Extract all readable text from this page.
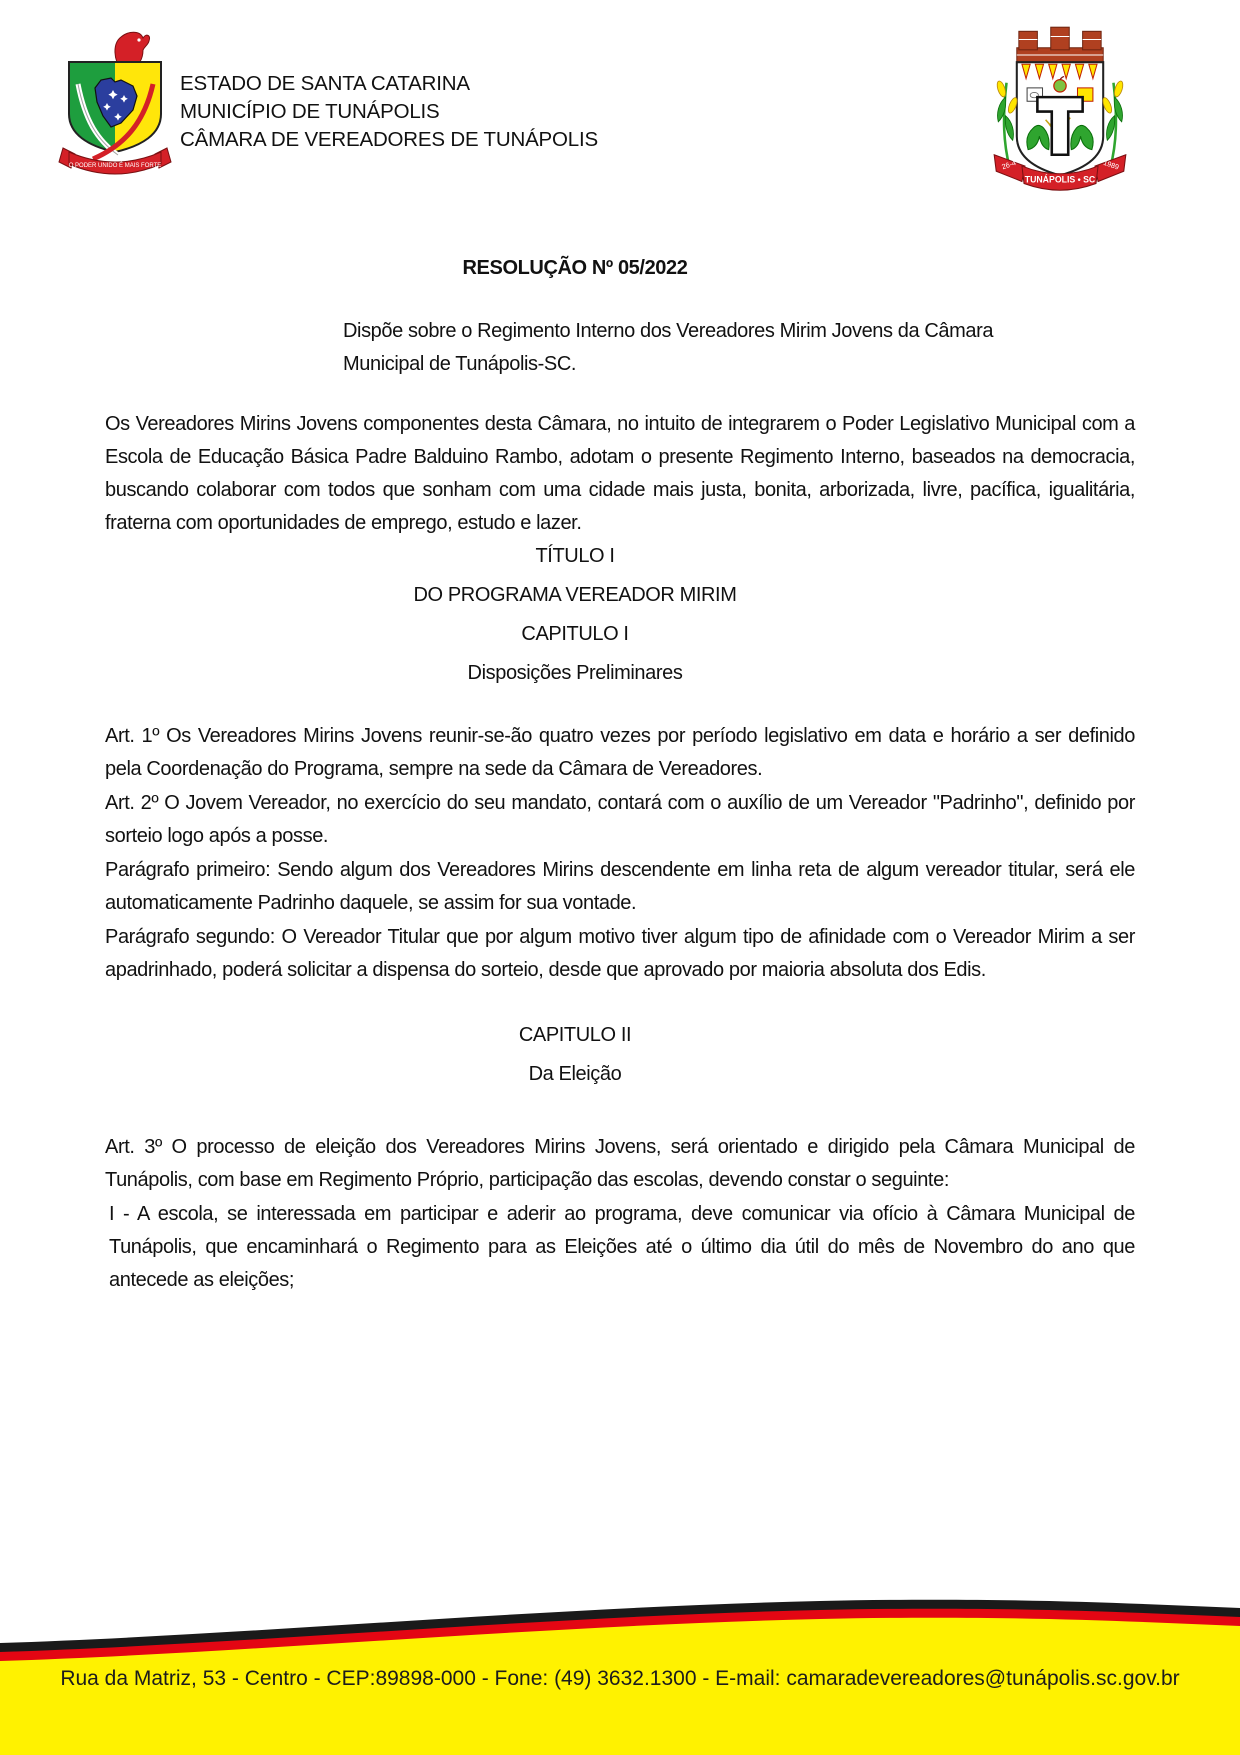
O PODER UNIDO É MAIS FORTE
ESTADO DE SANTA CATARINA
MUNICÍPIO DE TUNÁPOLIS
CÂMARA DE VEREADORES DE TUNÁPOLIS
26-4	1989
TUNÁPOLIS • SC
RESOLUÇÃO Nº 05/2022
Dispõe sobre o Regimento Interno dos Vereadores Mirim Jovens da Câmara Municipal de Tunápolis-SC.

Os Vereadores Mirins Jovens componentes desta Câmara, no intuito de integrarem o Poder Legislativo Municipal com a Escola de Educação Básica Padre Balduino Rambo, adotam o presente Regimento Interno, baseados na democracia, buscando colaborar com todos que sonham com uma cidade mais justa, bonita, arborizada, livre, pacífica, igualitária, fraterna com oportunidades de emprego, estudo e lazer.

TÍTULO I
DO PROGRAMA VEREADOR MIRIM
CAPITULO I
Disposições Preliminares

Art. 1º Os Vereadores Mirins Jovens reunir-se-ão quatro vezes por período legislativo em data e horário a ser definido pela Coordenação do Programa, sempre na sede da Câmara de Vereadores.

Art. 2º O Jovem Vereador, no exercício do seu mandato, contará com o auxílio de um Vereador "Padrinho", definido por sorteio logo após a posse.

Parágrafo primeiro: Sendo algum dos Vereadores Mirins descendente em linha reta de algum vereador titular, será ele automaticamente Padrinho daquele, se assim for sua vontade.

Parágrafo segundo: O Vereador Titular que por algum motivo tiver algum tipo de afinidade com o Vereador Mirim a ser apadrinhado, poderá solicitar a dispensa do sorteio, desde que aprovado por maioria absoluta dos Edis.

CAPITULO II
Da Eleição

Art. 3º O processo de eleição dos Vereadores Mirins Jovens, será orientado e dirigido pela Câmara Municipal de Tunápolis, com base em Regimento Próprio, participação das escolas, devendo constar o seguinte:

I - A escola, se interessada em participar e aderir ao programa, deve comunicar via ofício à Câmara Municipal de Tunápolis, que encaminhará o Regimento para as Eleições até o último dia útil do mês de Novembro do ano que antecede as eleições;

Rua da Matriz, 53 - Centro - CEP:89898-000 - Fone: (49) 3632.1300 - E-mail: camaradevereadores@tunápolis.sc.gov.br
